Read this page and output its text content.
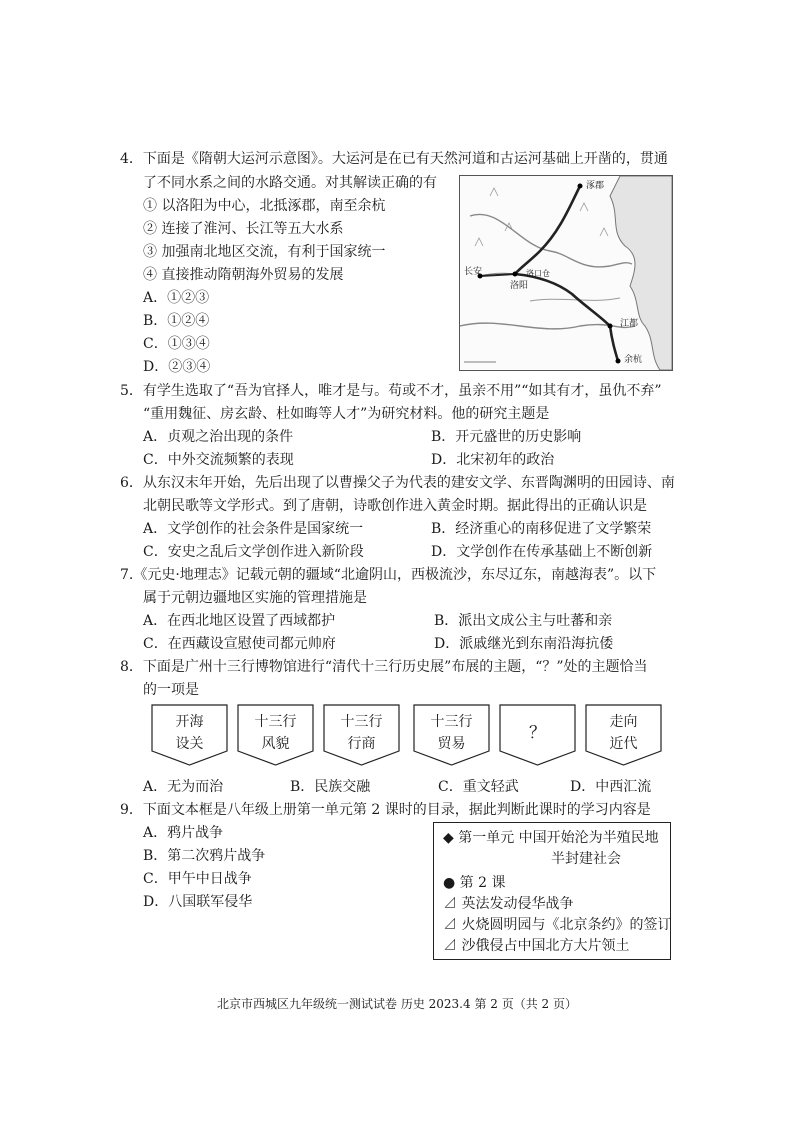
4．下面是《隋朝大运河示意图》。大运河是在已有天然河道和古运河基础上开凿的，贯通
了不同水系之间的水路交通。对其解读正确的有
① 以洛阳为中心，北抵涿郡，南至余杭
② 连接了淮河、长江等五大水系
③ 加强南北地区交流，有利于国家统一
④ 直接推动隋朝海外贸易的发展
A．①②③
B．①②④
C．①③④
D．②③④
涿郡
长安
洛阳
洛口仓
江都
余杭
5．有学生选取了“吾为官择人，唯才是与。苟或不才，虽亲不用”“如其有才，虽仇不弃”
“重用魏征、房玄龄、杜如晦等人才”为研究材料。他的研究主题是
A．贞观之治出现的条件	B．开元盛世的历史影响
C．中外交流频繁的表现	D．北宋初年的政治
6．从东汉末年开始，先后出现了以曹操父子为代表的建安文学、东晋陶渊明的田园诗、南
北朝民歌等文学形式。到了唐朝，诗歌创作进入黄金时期。据此得出的正确认识是
A．文学创作的社会条件是国家统一	B．经济重心的南移促进了文学繁荣
C．安史之乱后文学创作进入新阶段	D．文学创作在传承基础上不断创新
7.《元史·地理志》记载元朝的疆域“北逾阴山，西极流沙，东尽辽东，南越海表”。以下
属于元朝边疆地区实施的管理措施是
A．在西北地区设置了西域都护	B．派出文成公主与吐蕃和亲
C．在西藏设宣慰使司都元帅府	D．派戚继光到东南沿海抗倭
8．下面是广州十三行博物馆进行“清代十三行历史展”布展的主题，“？”处的主题恰当
的一项是
开海
设关
十三行
风貌
十三行
行商
十三行
贸易
？
走向
近代
A．无为而治	B．民族交融	C．重文轻武	D．中西汇流
9．下面文本框是八年级上册第一单元第 2 课时的目录，据此判断此课时的学习内容是
A．鸦片战争
B．第二次鸦片战争
C．甲午中日战争
D．八国联军侵华
◆ 第一单元 中国开始沦为半殖民地
半封建社会
● 第 2 课
⊿ 英法发动侵华战争
⊿ 火烧圆明园与《北京条约》的签订
⊿ 沙俄侵占中国北方大片领土
北京市西城区九年级统一测试试卷 历史 2023.4 第 2 页（共 2 页）
